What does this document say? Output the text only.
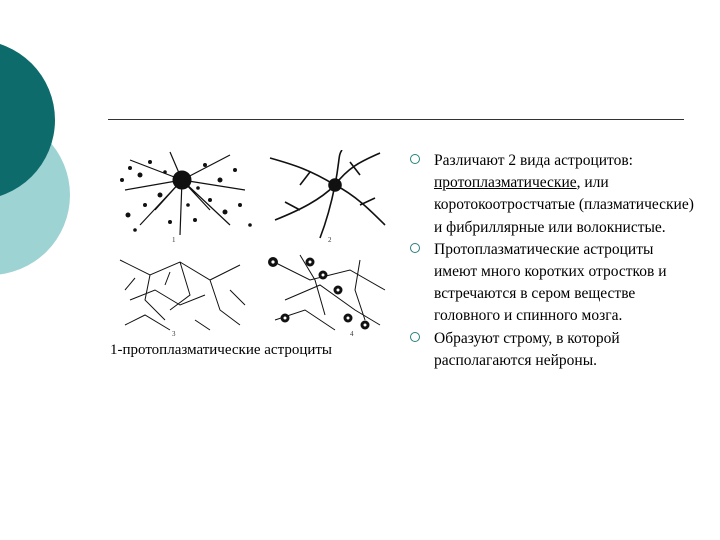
1	2
3	4
1-протоплазматические астроциты
Различают 2 вида астроцитов: протоплазматические, или коротокоотростчатые (плазматические) и фибриллярные или волокнистые.
Протоплазматические астроциты имеют много коротких отростков и встречаются в сером веществе головного и спинного мозга.
Образуют строму, в которой располагаются нейроны.
